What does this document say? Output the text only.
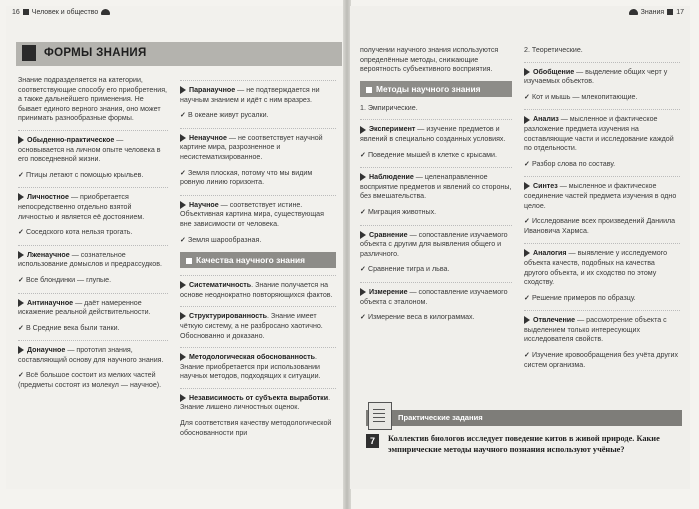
16 Человек и общество
ФОРМЫ ЗНАНИЯ

Знание подразделяется на категории, соответствующие способу его приобретения, а также дальнейшего применения. Не бывает единого верного знания, оно может принимать разнообразные формы.

Обыденно-практическое — основывается на личном опыте человека в его повседневной жизни.

✓ Птицы летают с помощью крыльев.

Личностное — приобретается непосредственно отдельно взятой личностью и является её достоянием.

✓ Соседского кота нельзя трогать.

Лженаучное — сознательное использование домыслов и предрассудков.

✓ Все блондинки — глупые.

Антинаучное — даёт намеренное искажение реальной действительности.

✓ В Средние века были танки.

Донаучное — прототип знания, составляющий основу для научного знания.

✓ Всё большое состоит из мелких частей (предметы состоят из молекул — научное).

Паранаучное — не подтверждается ни научным знанием и идёт с ним вразрез.

✓ В океане живут русалки.

Ненаучное — не соответствует научной картине мира, разрозненное и несистематизированное.

✓ Земля плоская, потому что мы видим ровную линию горизонта.

Научное — соответствует истине. Объективная картина мира, существующая вне зависимости от человека.

✓ Земля шарообразная.

Качества научного знания

Систематичность. Знание получается на основе неоднократно повторяющихся фактов.

Структурированность. Знание имеет чёткую систему, а не разбросано хаотично. Обоснованно и доказано.

Методологическая обоснованность. Знание приобретается при использовании научных методов, подходящих к ситуации.

Независимость от субъекта выработки. Знание лишено личностных оценок.

Для соответствия качеству методологической обоснованности при

Знания 17

получении научного знания используются определённые методы, снижающие вероятность субъективного восприятия.

Методы научного знания

1. Эмпирические.

Эксперимент — изучение предметов и явлений в специально созданных условиях.

✓ Поведение мышей в клетке с крысами.

Наблюдение — целенаправленное восприятие предметов и явлений со стороны, без вмешательства.

✓ Миграция животных.

Сравнение — сопоставление изучаемого объекта с другим для выявления общего и различного.

✓ Сравнение тигра и льва.

Измерение — сопоставление изучаемого объекта с эталоном.

✓ Измерение веса в килограммах.

2. Теоретические.

Обобщение — выделение общих черт у изучаемых объектов.

✓ Кот и мышь — млекопитающие.

Анализ — мысленное и фактическое разложение предмета изучения на составляющие части и исследование каждой по отдельности.

✓ Разбор слова по составу.

Синтез — мысленное и фактическое соединение частей предмета изучения в одно целое.

✓ Исследование всех произведений Даниила Ивановича Хармса.

Аналогия — выявление у исследуемого объекта качеств, подобных на качества другого объекта, и их сходство по этому сходству.

✓ Решение примеров по образцу.

Отвлечение — рассмотрение объекта с выделением только интересующих исследователя свойств.

✓ Изучение кровообращения без учёта других систем организма.

Практические задания
7	Коллектив биологов исследует поведение китов в живой природе. Какие эмпирические методы научного познания используют учёные?
